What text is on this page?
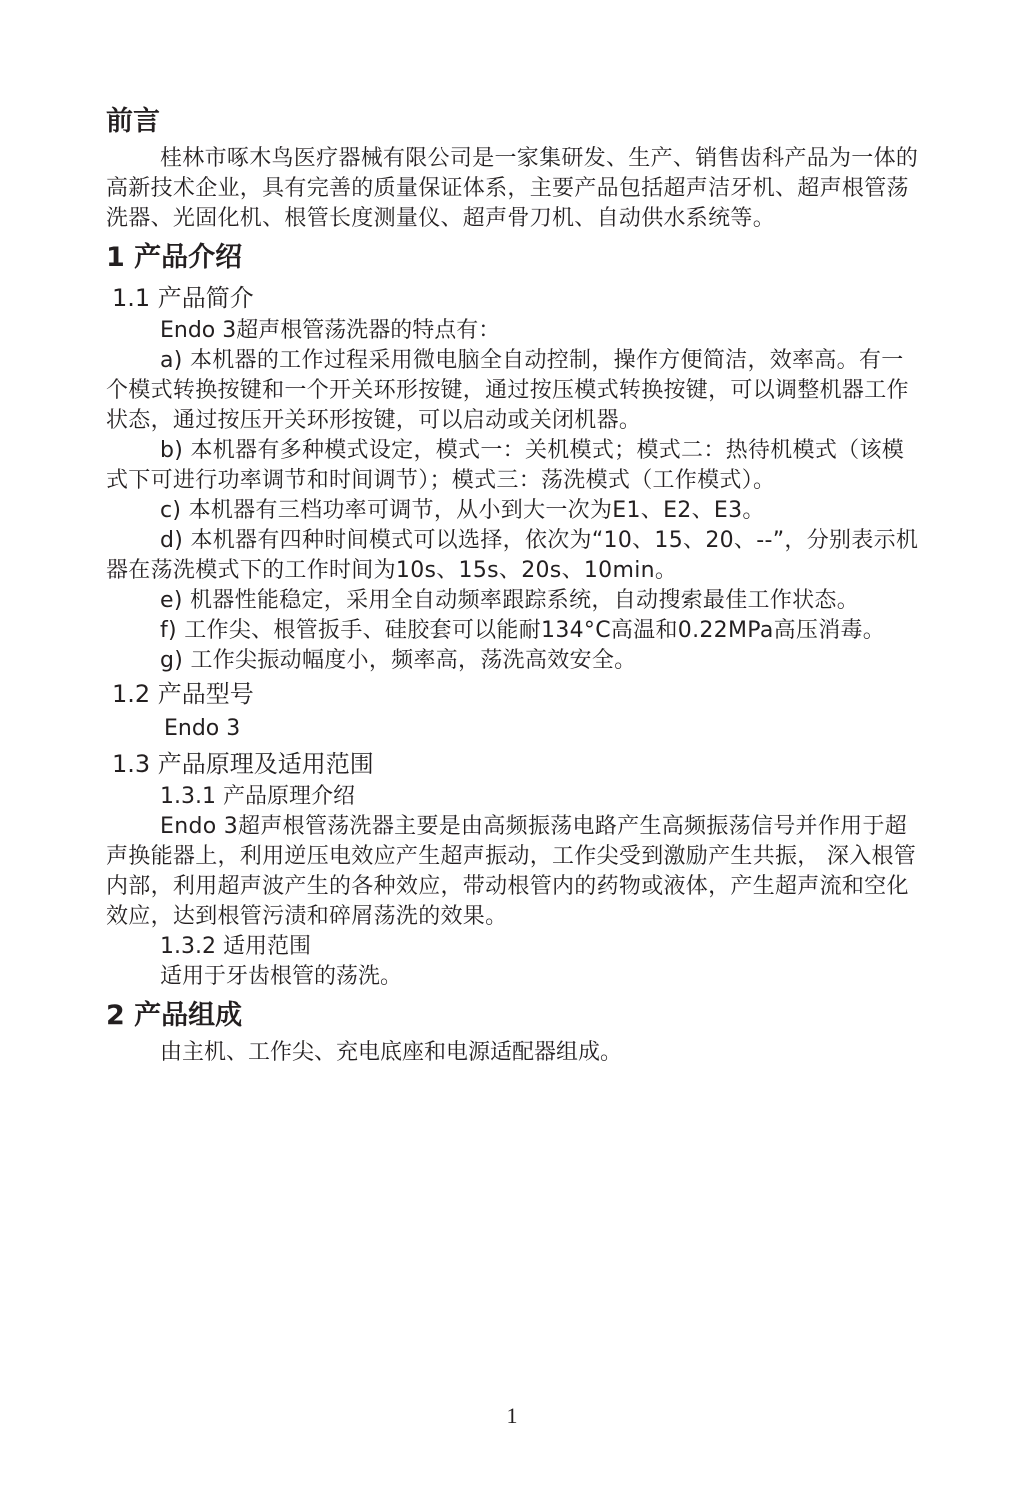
前言

桂林市啄木鸟医疗器械有限公司是一家集研发、生产、销售齿科产品为一体的高新技术企业，具有完善的质量保证体系，主要产品包括超声洁牙机、超声根管荡洗器、光固化机、根管长度测量仪、超声骨刀机、自动供水系统等。

1 产品介绍
1.1 产品简介
Endo 3超声根管荡洗器的特点有：

a) 本机器的工作过程采用微电脑全自动控制，操作方便简洁，效率高。有一个模式转换按键和一个开关环形按键，通过按压模式转换按键，可以调整机器工作状态，通过按压开关环形按键，可以启动或关闭机器。

b) 本机器有多种模式设定，模式一：关机模式；模式二：热待机模式（该模式下可进行功率调节和时间调节）；模式三：荡洗模式（工作模式）。

c) 本机器有三档功率可调节，从小到大一次为E1、E2、E3。

d) 本机器有四种时间模式可以选择，依次为“10、15、20、--”，分别表示机器在荡洗模式下的工作时间为10s、15s、20s、10min。

e) 机器性能稳定，采用全自动频率跟踪系统，自动搜索最佳工作状态。

f) 工作尖、根管扳手、硅胶套可以能耐134°C高温和0.22MPa高压消毒。

g) 工作尖振动幅度小，频率高，荡洗高效安全。

1.2 产品型号
Endo 3
1.3 产品原理及适用范围
1.3.1 产品原理介绍

Endo 3超声根管荡洗器主要是由高频振荡电路产生高频振荡信号并作用于超声换能器上，利用逆压电效应产生超声振动，工作尖受到激励产生共振， 深入根管内部，利用超声波产生的各种效应，带动根管内的药物或液体，产生超声流和空化效应，达到根管污渍和碎屑荡洗的效果。

1.3.2 适用范围
适用于牙齿根管的荡洗。
2 产品组成
由主机、工作尖、充电底座和电源适配器组成。
1
